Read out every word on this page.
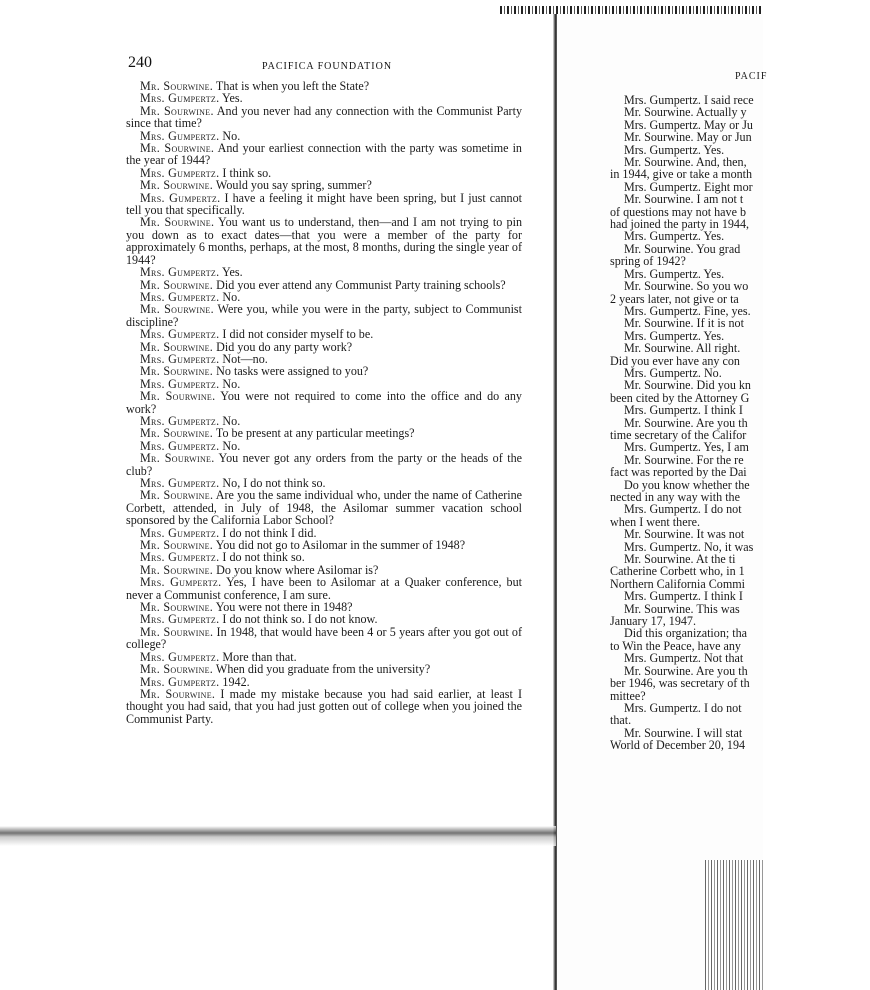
240	PACIFICA FOUNDATION

Mr. Sourwine. That is when you left the State?

Mrs. Gumpertz. Yes.

Mr. Sourwine. And you never had any connection with the Communist Party since that time?

Mrs. Gumpertz. No.

Mr. Sourwine. And your earliest connection with the party was sometime in the year of 1944?

Mrs. Gumpertz. I think so.

Mr. Sourwine. Would you say spring, summer?

Mrs. Gumpertz. I have a feeling it might have been spring, but I just cannot tell you that specifically.

Mr. Sourwine. You want us to understand, then—and I am not trying to pin you down as to exact dates—that you were a member of the party for approximately 6 months, perhaps, at the most, 8 months, during the single year of 1944?

Mrs. Gumpertz. Yes.

Mr. Sourwine. Did you ever attend any Communist Party training schools?

Mrs. Gumpertz. No.

Mr. Sourwine. Were you, while you were in the party, subject to Communist discipline?

Mrs. Gumpertz. I did not consider myself to be.

Mr. Sourwine. Did you do any party work?

Mrs. Gumpertz. Not—no.

Mr. Sourwine. No tasks were assigned to you?

Mrs. Gumpertz. No.

Mr. Sourwine. You were not required to come into the office and do any work?

Mrs. Gumpertz. No.

Mr. Sourwine. To be present at any particular meetings?

Mrs. Gumpertz. No.

Mr. Sourwine. You never got any orders from the party or the heads of the club?

Mrs. Gumpertz. No, I do not think so.

Mr. Sourwine. Are you the same individual who, under the name of Catherine Corbett, attended, in July of 1948, the Asilomar summer vacation school sponsored by the California Labor School?

Mrs. Gumpertz. I do not think I did.

Mr. Sourwine. You did not go to Asilomar in the summer of 1948?

Mrs. Gumpertz. I do not think so.

Mr. Sourwine. Do you know where Asilomar is?

Mrs. Gumpertz. Yes, I have been to Asilomar at a Quaker conference, but never a Communist conference, I am sure.

Mr. Sourwine. You were not there in 1948?

Mrs. Gumpertz. I do not think so. I do not know.

Mr. Sourwine. In 1948, that would have been 4 or 5 years after you got out of college?

Mrs. Gumpertz. More than that.

Mr. Sourwine. When did you graduate from the university?

Mrs. Gumpertz. 1942.

Mr. Sourwine. I made my mistake because you had said earlier, at least I thought you had said, that you had just gotten out of college when you joined the Communist Party.

PACIF

Mrs. Gumpertz. I said rece

Mr. Sourwine. Actually y

Mrs. Gumpertz. May or Ju

Mr. Sourwine. May or Jun

Mrs. Gumpertz. Yes.

Mr. Sourwine. And, then,

in 1944, give or take a month

Mrs. Gumpertz. Eight mor

Mr. Sourwine. I am not t

of questions may not have b

had joined the party in 1944,

Mrs. Gumpertz. Yes.

Mr. Sourwine. You grad

spring of 1942?

Mrs. Gumpertz. Yes.

Mr. Sourwine. So you wo

2 years later, not give or ta

Mrs. Gumpertz. Fine, yes.

Mr. Sourwine. If it is not

Mrs. Gumpertz. Yes.

Mr. Sourwine. All right.

Did you ever have any con

Mrs. Gumpertz. No.

Mr. Sourwine. Did you kn

been cited by the Attorney G

Mrs. Gumpertz. I think I

Mr. Sourwine. Are you th

time secretary of the Califor

Mrs. Gumpertz. Yes, I am

Mr. Sourwine. For the re

fact was reported by the Dai

Do you know whether the

nected in any way with the

Mrs. Gumpertz. I do not

when I went there.

Mr. Sourwine. It was not

Mrs. Gumpertz. No, it was

Mr. Sourwine. At the ti

Catherine Corbett who, in 1

Northern California Commi

Mrs. Gumpertz. I think I

Mr. Sourwine. This was

January 17, 1947.

Did this organization; tha

to Win the Peace, have any

Mrs. Gumpertz. Not that

Mr. Sourwine. Are you th

ber 1946, was secretary of th

mittee?

Mrs. Gumpertz. I do not

that.

Mr. Sourwine. I will stat

World of December 20, 194
